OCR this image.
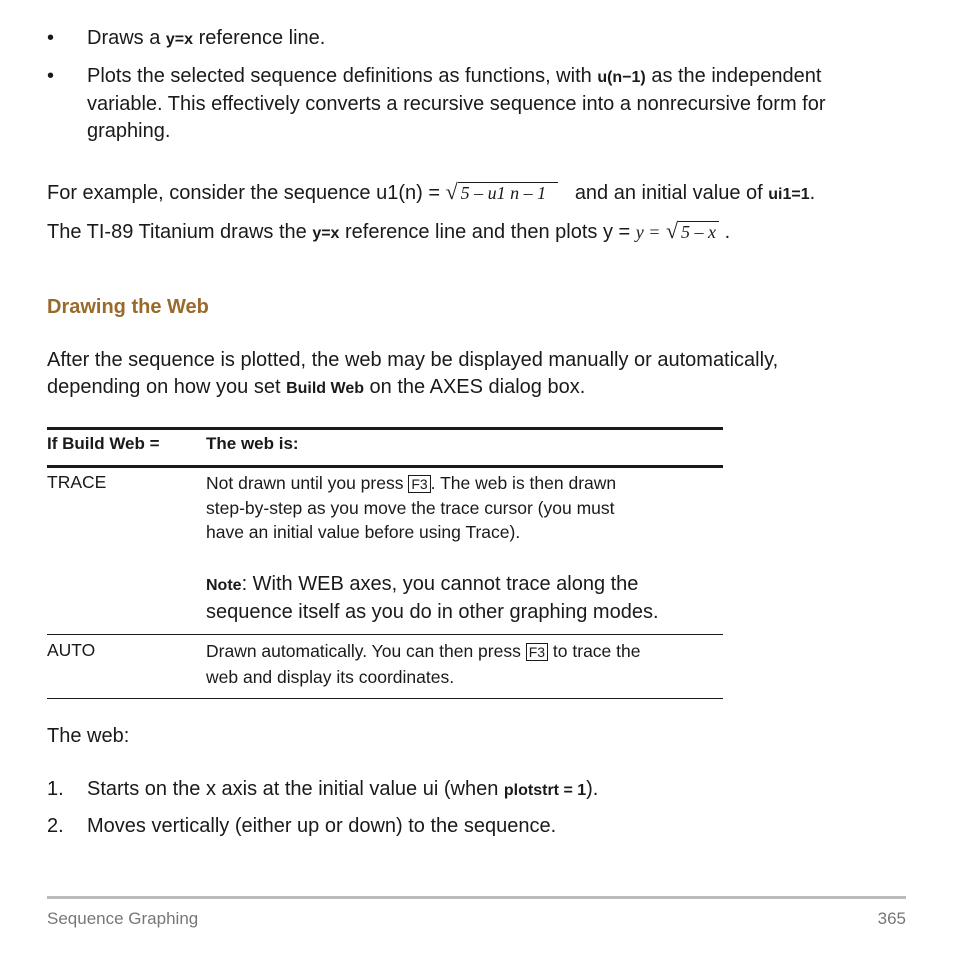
• Draws a y=x reference line.
• Plots the selected sequence definitions as functions, with u(n−1) as the independent
variable. This effectively converts a recursive sequence into a nonrecursive form for
graphing.
For example, consider the sequence u1(n) = √ 5 – u1 n – 1 and an initial value of ui1=1.
The TI-89 Titanium draws the y=x reference line and then plots y = y = √ 5 – x .
Drawing the Web
After the sequence is plotted, the web may be displayed manually or automatically,
depending on how you set Build Web on the AXES dialog box.
If Build Web =	The web is:
TRACE	Not drawn until you press F3 . The web is then drawn
step-by-step as you move the trace cursor (you must
have an initial value before using Trace).
Note: With WEB axes, you cannot trace along the
sequence itself as you do in other graphing modes.
AUTO	Drawn automatically. You can then press F3 to trace the
web and display its coordinates.
The web:
1. Starts on the x axis at the initial value ui (when plotstrt = 1).
2. Moves vertically (either up or down) to the sequence.
Sequence Graphing	365
